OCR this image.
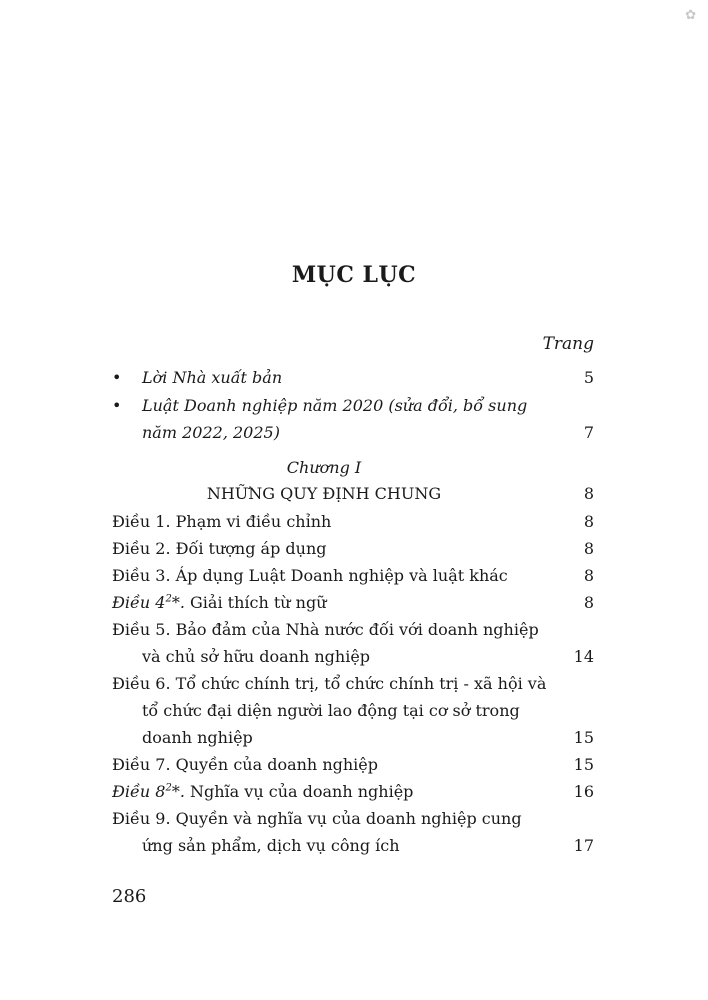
✿
MỤC LỤC
Trang
• Lời Nhà xuất bản	5
• Luật Doanh nghiệp năm 2020 (sửa đổi, bổ sung
năm 2022, 2025)	7
Chương I
NHỮNG QUY ĐỊNH CHUNG	8
Điều 1. Phạm vi điều chỉnh	8
Điều 2. Đối tượng áp dụng	8
Điều 3. Áp dụng Luật Doanh nghiệp và luật khác	8
Điều $4^2*$. Giải thích từ ngữ	8
Điều 5. Bảo đảm của Nhà nước đối với doanh nghiệp
và chủ sở hữu doanh nghiệp	14
Điều 6. Tổ chức chính trị, tổ chức chính trị - xã hội và
tổ chức đại diện người lao động tại cơ sở trong
doanh nghiệp	15
Điều 7. Quyền của doanh nghiệp	15
Điều $8^2*$. Nghĩa vụ của doanh nghiệp	16
Điều 9. Quyền và nghĩa vụ của doanh nghiệp cung
ứng sản phẩm, dịch vụ công ích	17
286
